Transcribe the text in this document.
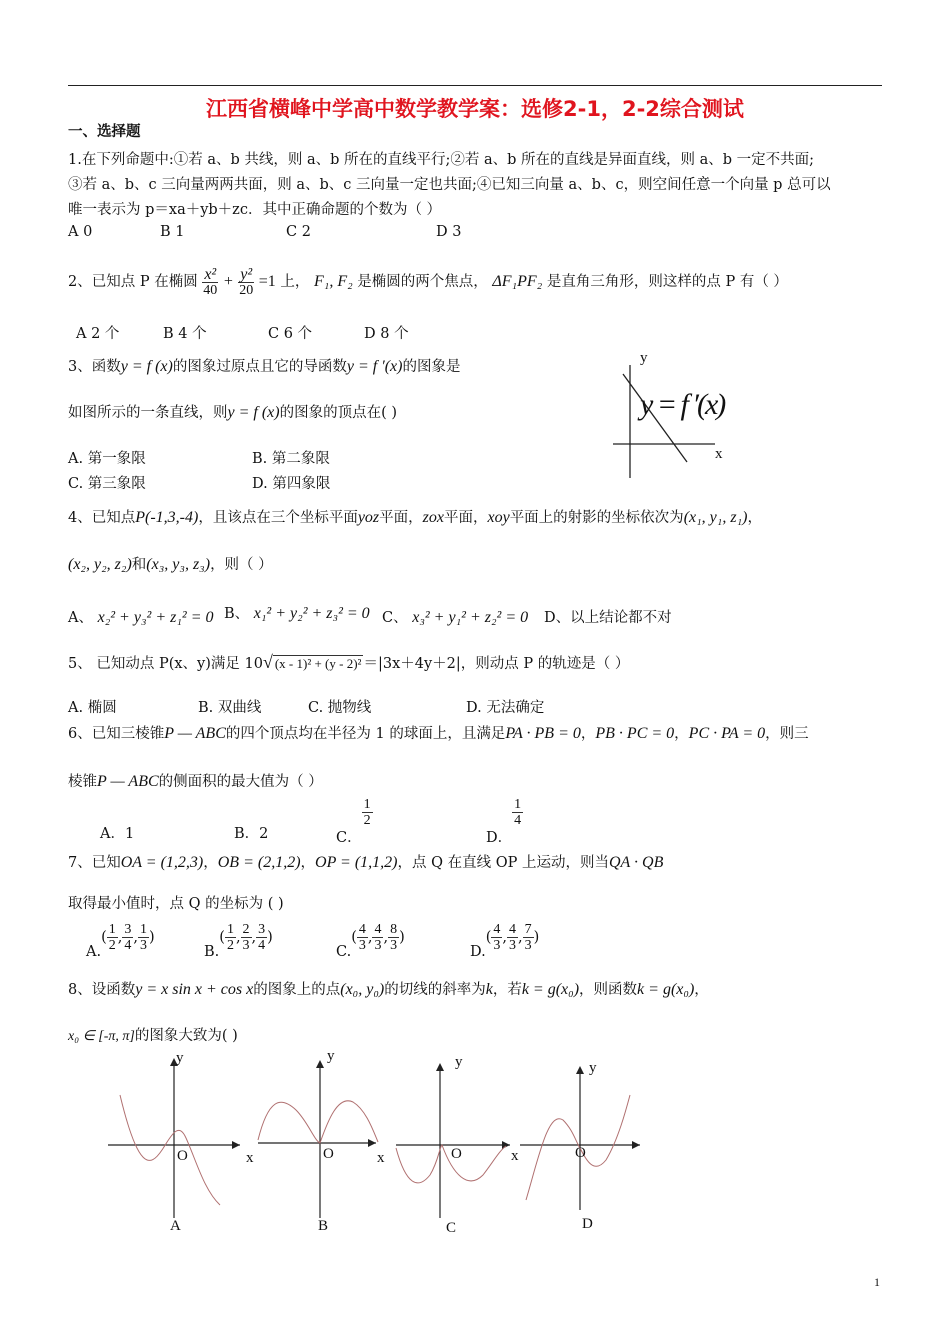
江西省横峰中学高中数学教学案：选修2-1，2-2综合测试
一、选择题
1.在下列命题中:①若 a、b 共线，则 a、b 所在的直线平行;②若 a、b 所在的直线是异面直线，则 a、b 一定不共面;
③若 a、b、c 三向量两两共面，则 a、b、c 三向量一定也共面;④已知三向量 a、b、c，则空间任意一个向量 p 总可以
唯一表示为 p＝xa＋yb＋zc．其中正确命题的个数为（ ）
A 0	B 1	C 2	D 3
2、已知点 P 在椭圆 $\frac{\text{x²}}{40} + \frac{\text{y²}}{20} =1$ 上， F₁, F₂ 是椭圆的两个焦点， ΔF₁PF₂ 是直角三角形，则这样的点 P 有（ ）
A 2 个	B 4 个	C 6 个	D 8 个
3、函数y = f (x)的图象过原点且它的导函数y = f ′(x)的图象是
如图所示的一条直线，则y = f (x)的图象的顶点在( )
A. 第一象限	B. 第二象限
C. 第三象限	D. 第四象限
y
x
y = f ′(x)
4、已知点P(-1,3,-4)，且该点在三个坐标平面yoz平面，zox平面，xoy平面上的射影的坐标依次为(x₁, y₁, z₁)，
(x₂, y₂, z₂)和(x₃, y₃, z₃)，则（ ）
A、 x₂² + y₃² + z₁² = 0 B、 x₁² + y₂² + z₃² = 0 C、 x₃² + y₁² + z₂² = 0 D、以上结论都不对
5、 已知动点 P(x、y)满足 10√ (x - 1)² + (y - 2)² ＝|3x＋4y＋2|，则动点 P 的轨迹是（ ）
A. 椭圆	B. 双曲线	C. 抛物线	D. 无法确定
6、已知三棱锥P — ABC的四个顶点均在半径为 1 的球面上，且满足PA · PB = 0，PB · PC = 0，PC · PA = 0，则三
棱锥P — ABC的侧面积的最大值为（ ）
A．1	B．2	C．
$\frac{1}{2}$
D．
$\frac{1}{4}$
7、已知OA = (1,2,3)，OB = (2,1,2)，OP = (1,1,2)，点 Q 在直线 OP 上运动，则当QA · QB
取得最小值时，点 Q 的坐标为 ( )
$A.( \frac{1}{2}$ , $\frac{3}{4}$ , $\frac{1}{3}$ )
$B.( \frac{1}{2}$ , $\frac{2}{3}$ , $\frac{3}{4}$ )
$C.( \frac{4}{3}$ , $\frac{4}{3}$ , $\frac{8}{3}$ )
$D.( \frac{4}{3}$ , $\frac{4}{3}$ , $\frac{7}{3}$ )
8、设函数y = x sin x + cos x的图象上的点(x₀, y₀)的切线的斜率为k，若k = g(x₀)，则函数k = g(x₀)，
x₀ ∈ [-π, π]的图象大致为( )
y
x
O
A
y
x
O
B
y
x
O
C
y
O
D
1
